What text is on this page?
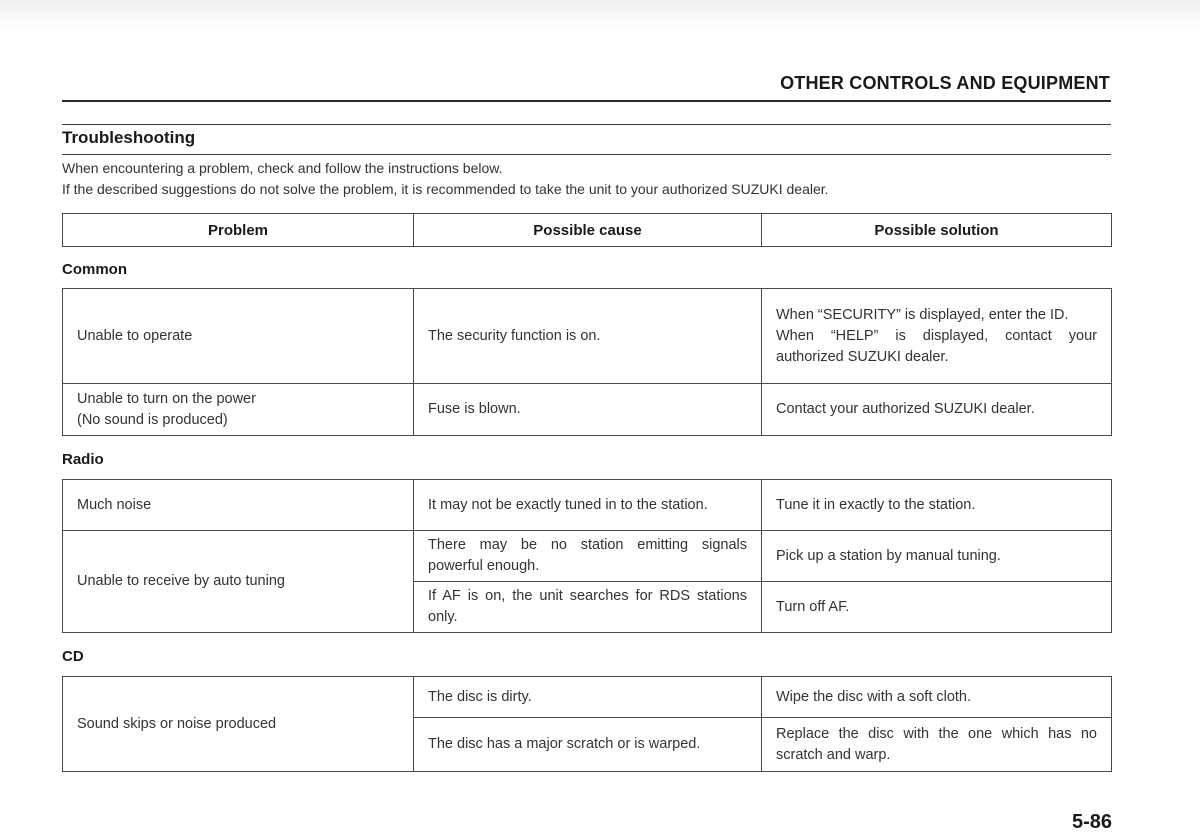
OTHER CONTROLS AND EQUIPMENT
Troubleshooting
When encountering a problem, check and follow the instructions below.
If the described suggestions do not solve the problem, it is recommended to take the unit to your authorized SUZUKI dealer.
Problem	Possible cause	Possible solution
Common
Unable to operate	The security function is on.	When “SECURITY” is displayed, enter the ID.
When “HELP” is displayed, contact your authorized SUZUKI dealer.
Unable to turn on the power
(No sound is produced)	Fuse is blown.	Contact your authorized SUZUKI dealer.
Radio
Much noise	It may not be exactly tuned in to the station.	Tune it in exactly to the station.
Unable to receive by auto tuning	There may be no station emitting signals powerful enough.	Pick up a station by manual tuning.
	If AF is on, the unit searches for RDS stations only.	Turn off AF.
CD
Sound skips or noise produced	The disc is dirty.	Wipe the disc with a soft cloth.
	The disc has a major scratch or is warped.	Replace the disc with the one which has no scratch and warp.
5-86
